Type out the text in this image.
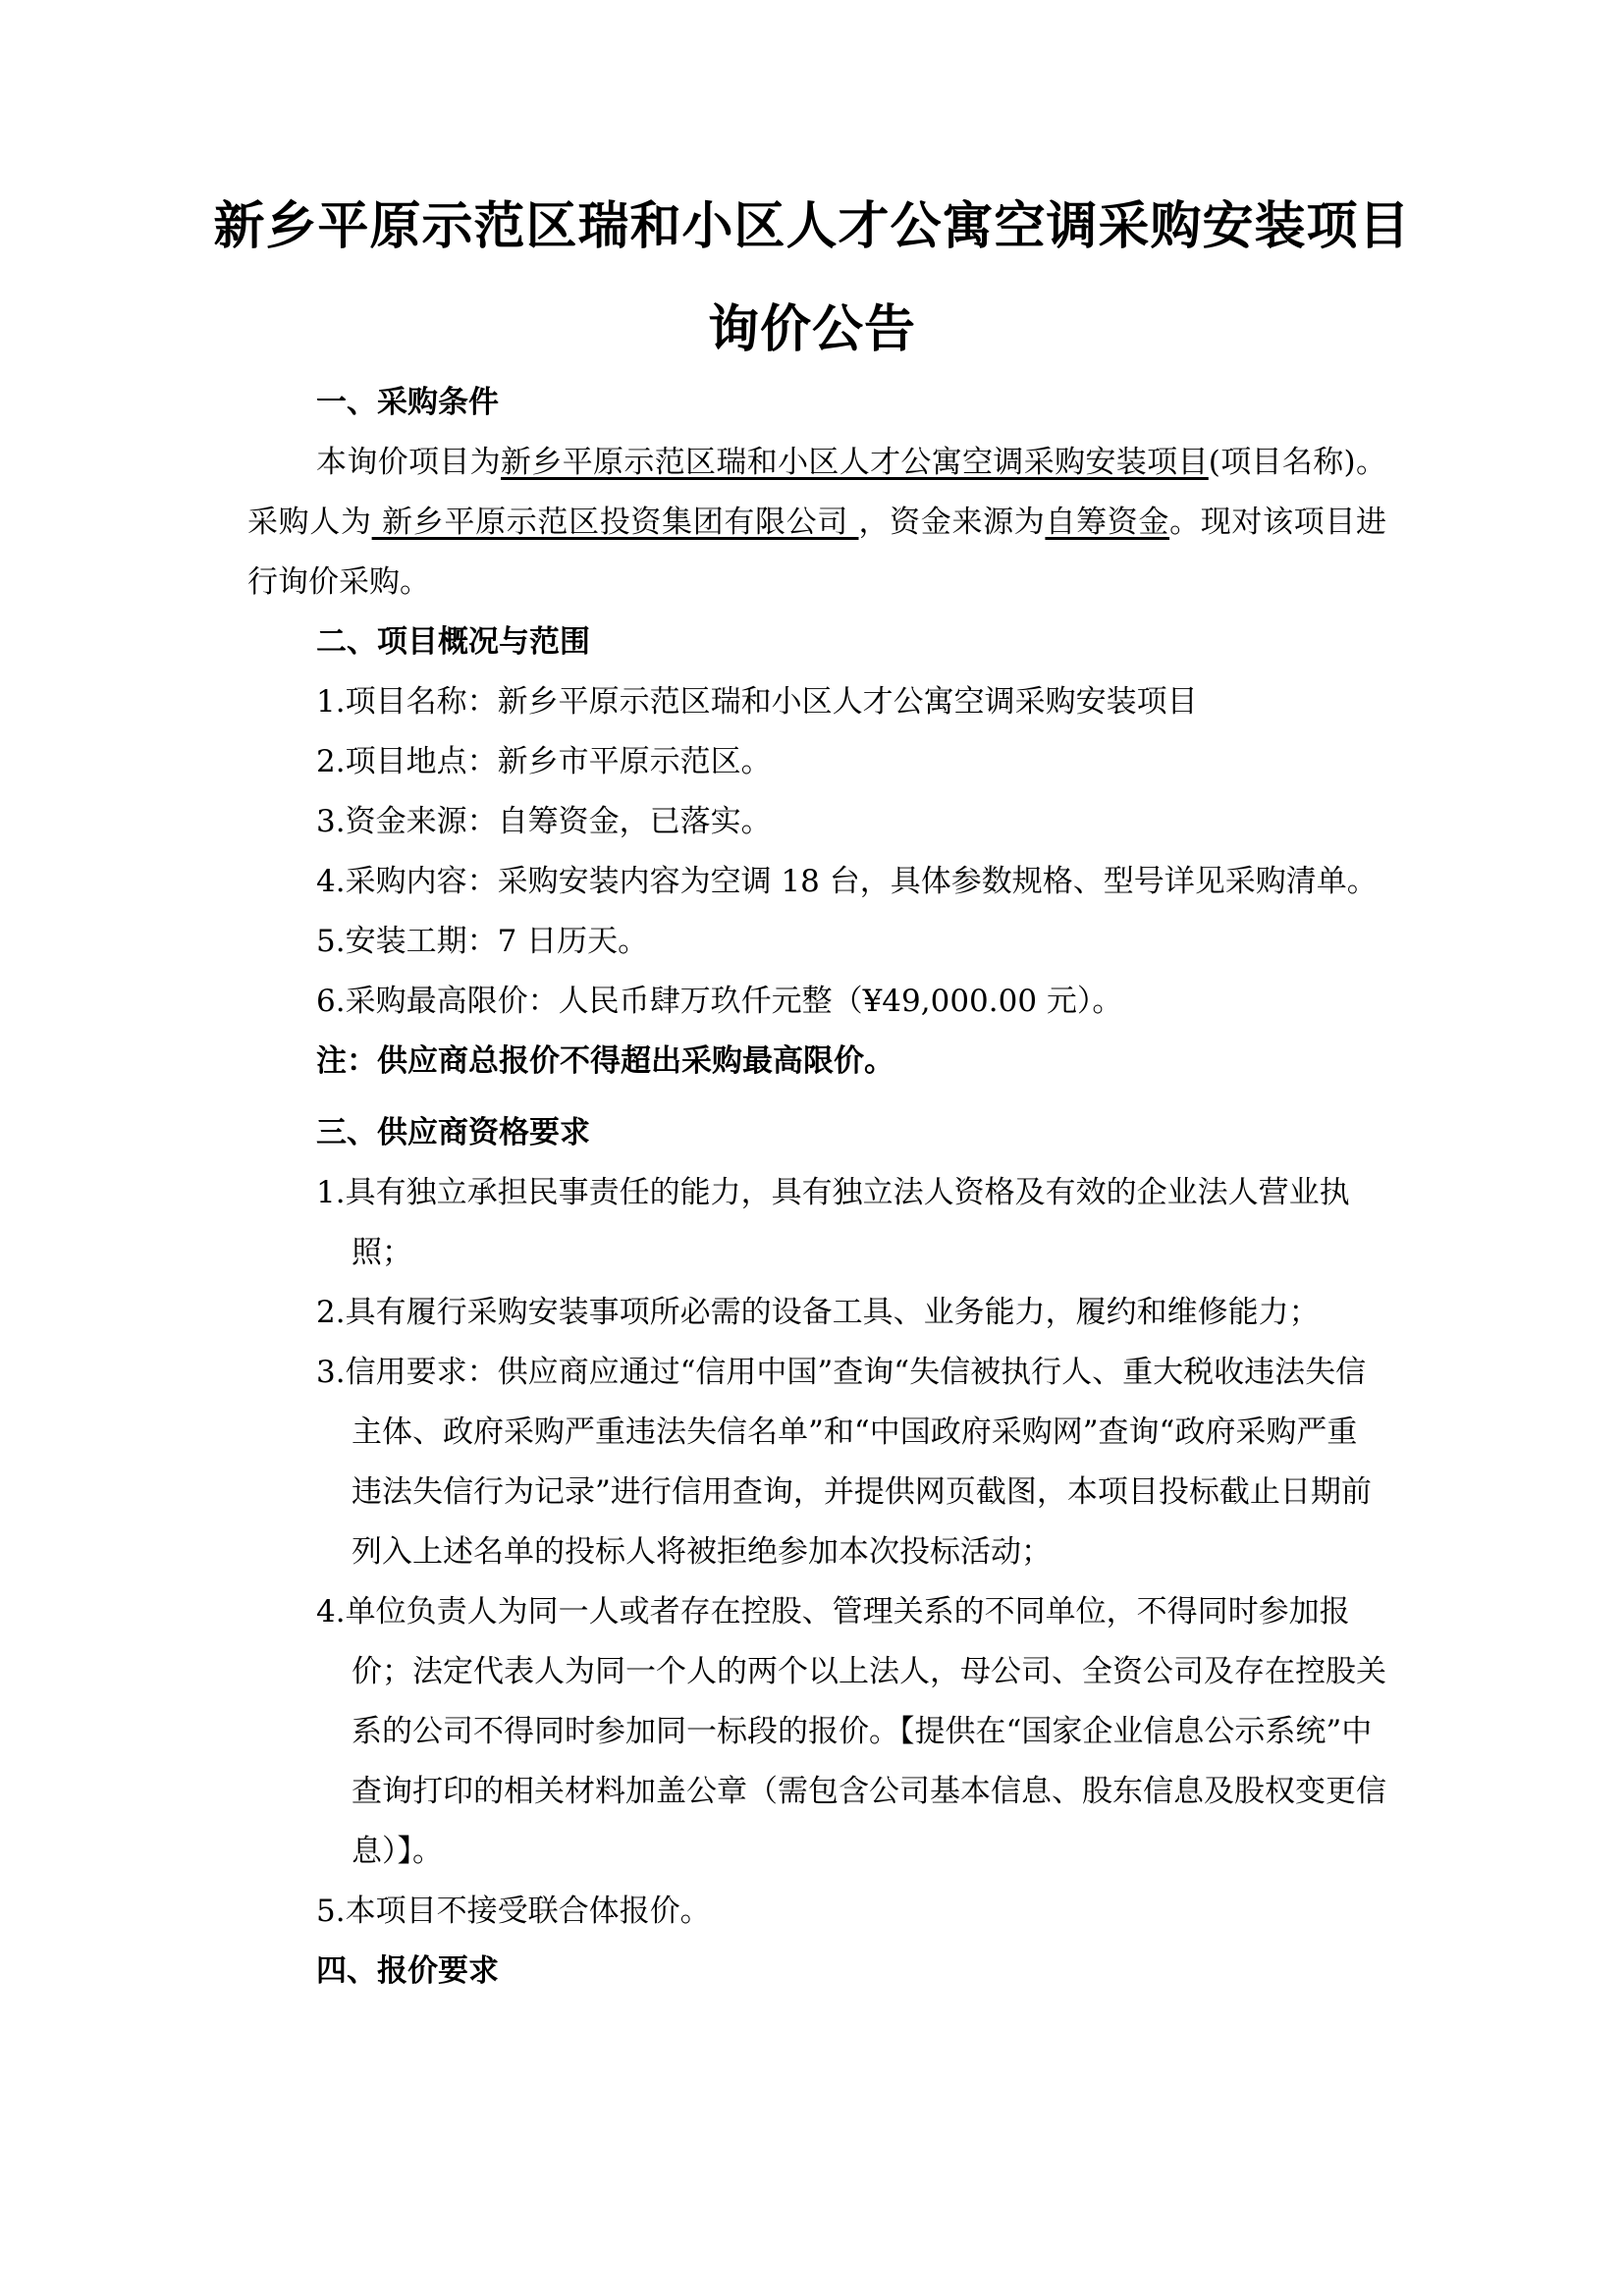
新乡平原示范区瑞和小区人才公寓空调采购安装项目
询价公告
一、采购条件
本询价项目为新乡平原示范区瑞和小区人才公寓空调采购安装项目(项目名称)。采购人为 新乡平原示范区投资集团有限公司 ，资金来源为自筹资金。现对该项目进行询价采购。
二、项目概况与范围
1.项目名称：新乡平原示范区瑞和小区人才公寓空调采购安装项目
2.项目地点：新乡市平原示范区。
3.资金来源：自筹资金，已落实。
4.采购内容：采购安装内容为空调 18 台，具体参数规格、型号详见采购清单。
5.安装工期：7 日历天。
6.采购最高限价：人民币肆万玖仟元整（¥49,000.00 元）。
注：供应商总报价不得超出采购最高限价。
三、供应商资格要求
1.具有独立承担民事责任的能力，具有独立法人资格及有效的企业法人营业执照；
2.具有履行采购安装事项所必需的设备工具、业务能力，履约和维修能力；
3.信用要求：供应商应通过“信用中国”查询“失信被执行人、重大税收违法失信主体、政府采购严重违法失信名单”和“中国政府采购网”查询“政府采购严重违法失信行为记录”进行信用查询，并提供网页截图，本项目投标截止日期前列入上述名单的投标人将被拒绝参加本次投标活动；
4.单位负责人为同一人或者存在控股、管理关系的不同单位，不得同时参加报价；法定代表人为同一个人的两个以上法人，母公司、全资公司及存在控股关系的公司不得同时参加同一标段的报价。【提供在“国家企业信息公示系统”中查询打印的相关材料加盖公章（需包含公司基本信息、股东信息及股权变更信息）】。
5.本项目不接受联合体报价。
四、报价要求
